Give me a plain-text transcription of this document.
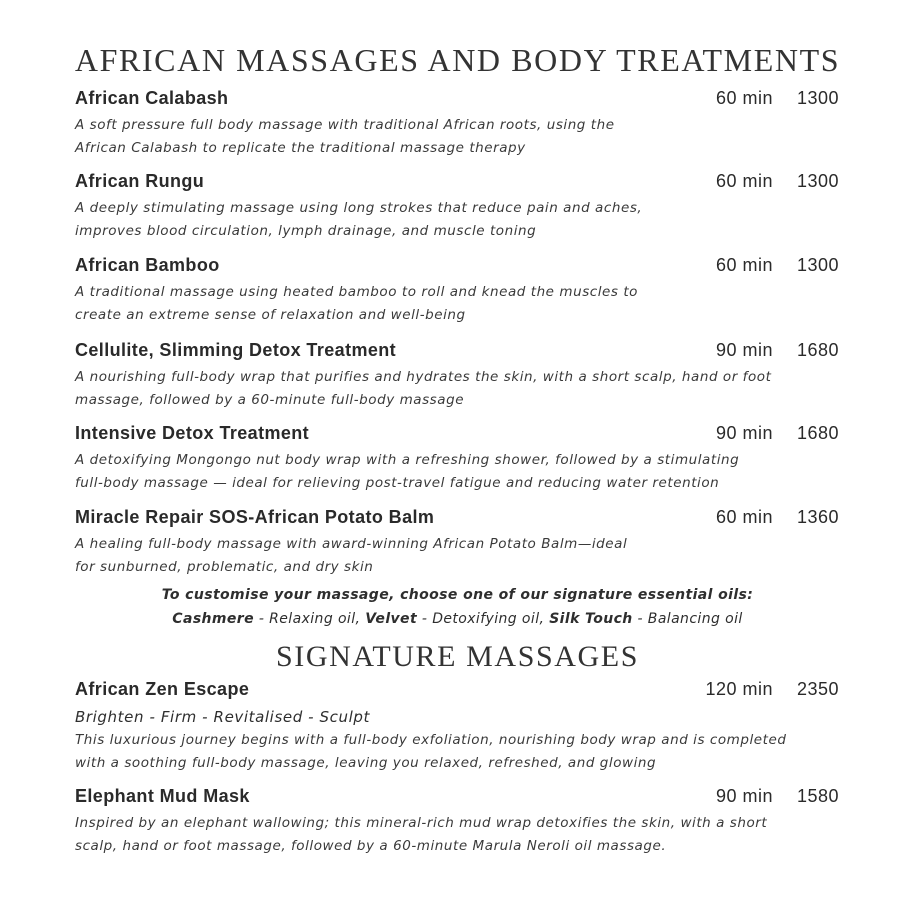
AFRICAN MASSAGES AND BODY TREATMENTS
African Calabash	60 min 1300
A soft pressure full body massage with traditional African roots, using the
African Calabash to replicate the traditional massage therapy
African Rungu	60 min 1300
A deeply stimulating massage using long strokes that reduce pain and aches,
improves blood circulation, lymph drainage, and muscle toning
African Bamboo	60 min 1300
A traditional massage using heated bamboo to roll and knead the muscles to
create an extreme sense of relaxation and well-being
Cellulite, Slimming Detox Treatment	90 min 1680
A nourishing full-body wrap that purifies and hydrates the skin, with a short scalp, hand or foot
massage, followed by a 60-minute full-body massage
Intensive Detox Treatment	90 min 1680
A detoxifying Mongongo nut body wrap with a refreshing shower, followed by a stimulating
full-body massage — ideal for relieving post-travel fatigue and reducing water retention
Miracle Repair SOS-African Potato Balm	60 min 1360
A healing full-body massage with award-winning African Potato Balm—ideal
for sunburned, problematic, and dry skin
To customise your massage, choose one of our signature essential oils:
Cashmere - Relaxing oil, Velvet - Detoxifying oil, Silk Touch - Balancing oil
SIGNATURE MASSAGES
African Zen Escape	120 min 2350
Brighten - Firm - Revitalised - Sculpt
This luxurious journey begins with a full-body exfoliation, nourishing body wrap and is completed
with a soothing full-body massage, leaving you relaxed, refreshed, and glowing
Elephant Mud Mask	90 min 1580
Inspired by an elephant wallowing; this mineral-rich mud wrap detoxifies the skin, with a short
scalp, hand or foot massage, followed by a 60-minute Marula Neroli oil massage.
